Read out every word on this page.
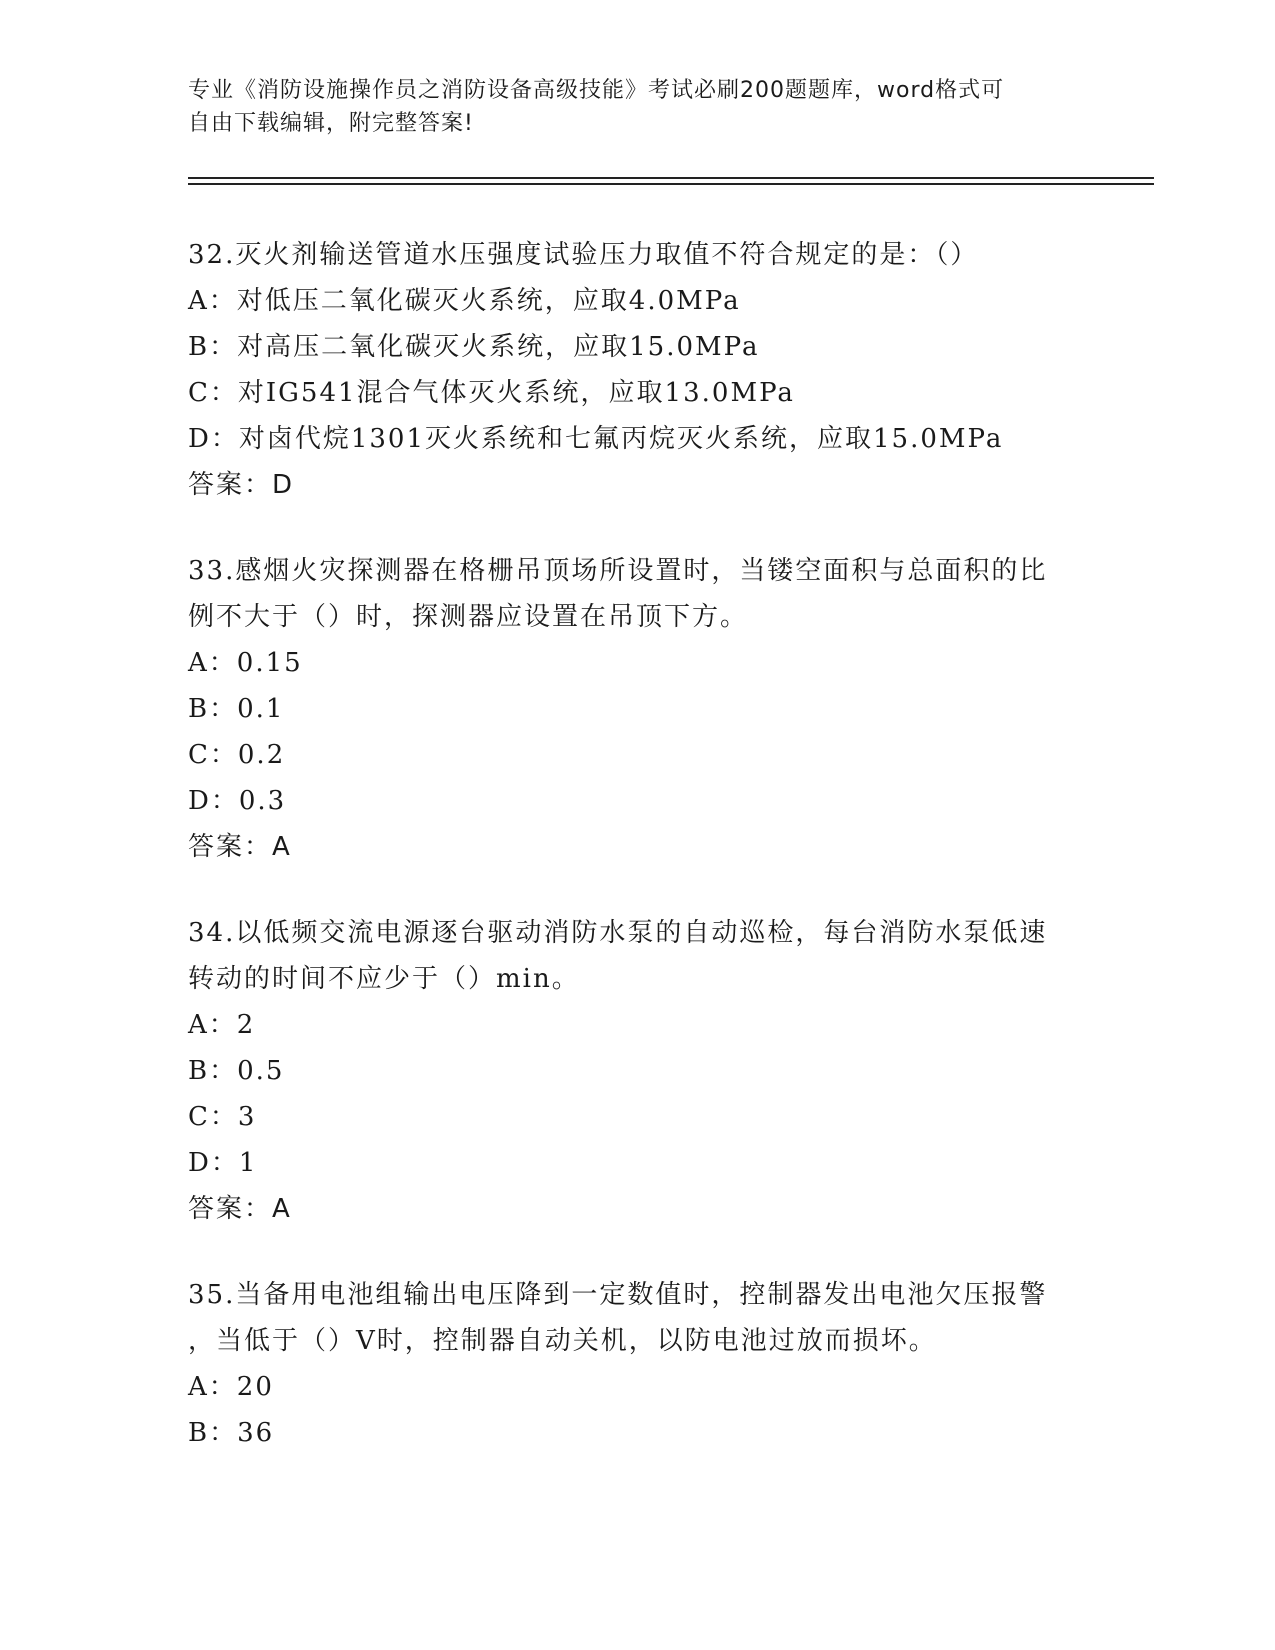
专业《消防设施操作员之消防设备高级技能》考试必刷200题题库，word格式可
自由下载编辑，附完整答案!
32.灭火剂输送管道水压强度试验压力取值不符合规定的是：（）
A：对低压二氧化碳灭火系统，应取4.0MPa
B：对高压二氧化碳灭火系统，应取15.0MPa
C：对IG541混合气体灭火系统，应取13.0MPa
D：对卤代烷1301灭火系统和七氟丙烷灭火系统，应取15.0MPa
答案：D
33.感烟火灾探测器在格栅吊顶场所设置时，当镂空面积与总面积的比
例不大于（）时，探测器应设置在吊顶下方。
A：0.15
B：0.1
C：0.2
D：0.3
答案：A
34.以低频交流电源逐台驱动消防水泵的自动巡检，每台消防水泵低速
转动的时间不应少于（）min。
A：2
B：0.5
C：3
D：1
答案：A
35.当备用电池组输出电压降到一定数值时，控制器发出电池欠压报警
，当低于（）V时，控制器自动关机，以防电池过放而损坏。
A：20
B：36
